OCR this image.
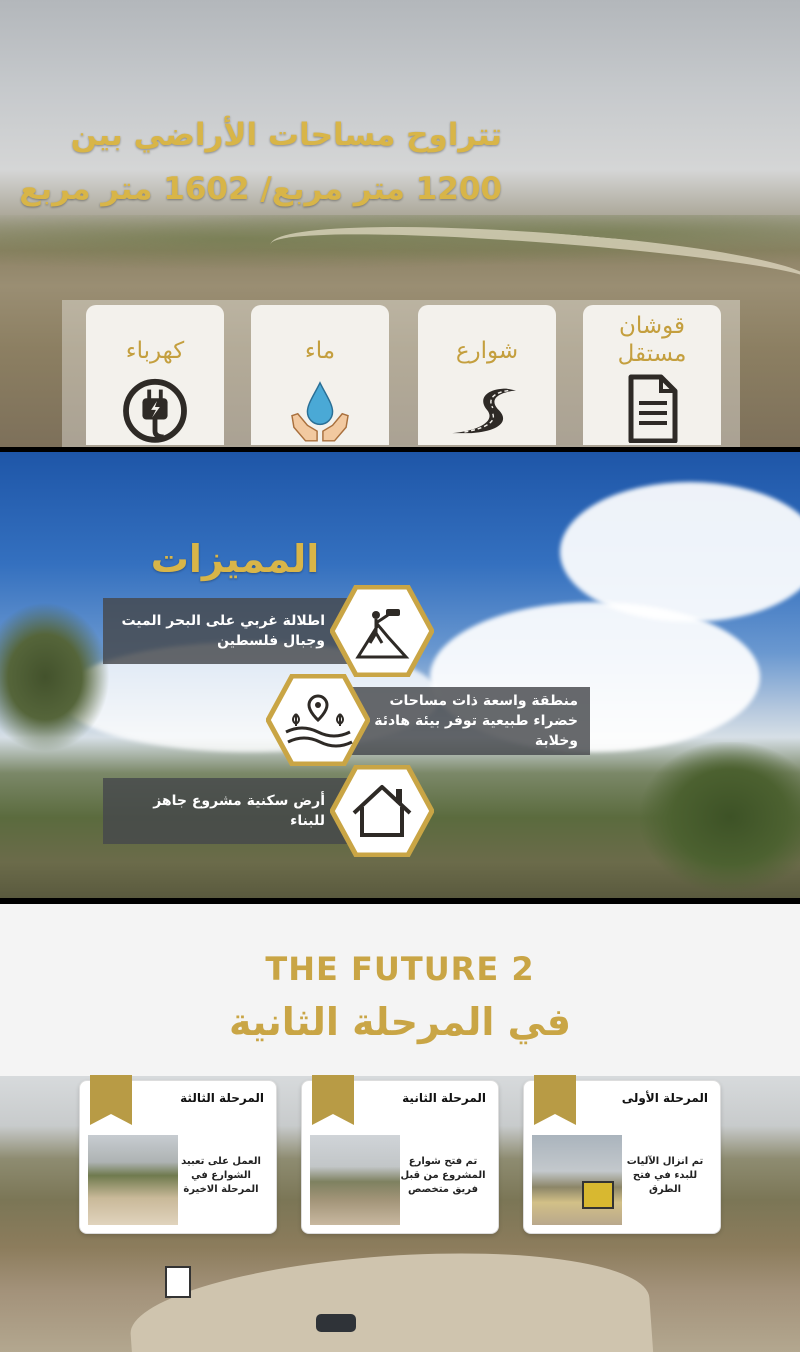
تتراوح مساحات الأراضي بين
1200 متر مربع/ 1602 متر مربع
كهرباء	ماء	شوارع
قوشان مستقل
المميزات
اطلالة غربي على البحر الميت وجبال فلسطين
منطقة واسعة ذات مساحات خضراء طبيعية توفر بيئة هادئة وخلابة
أرض سكنية مشروع جاهز للبناء
THE FUTURE 2
في المرحلة الثانية
المرحلة الثالثة
العمل على تعبيد الشوارع في المرحلة الاخيرة
المرحلة الثانية
تم فتح شوارع المشروع من قبل فريق متخصص
المرحلة الأولى
تم انزال الآليات للبدء في فتح الطرق
